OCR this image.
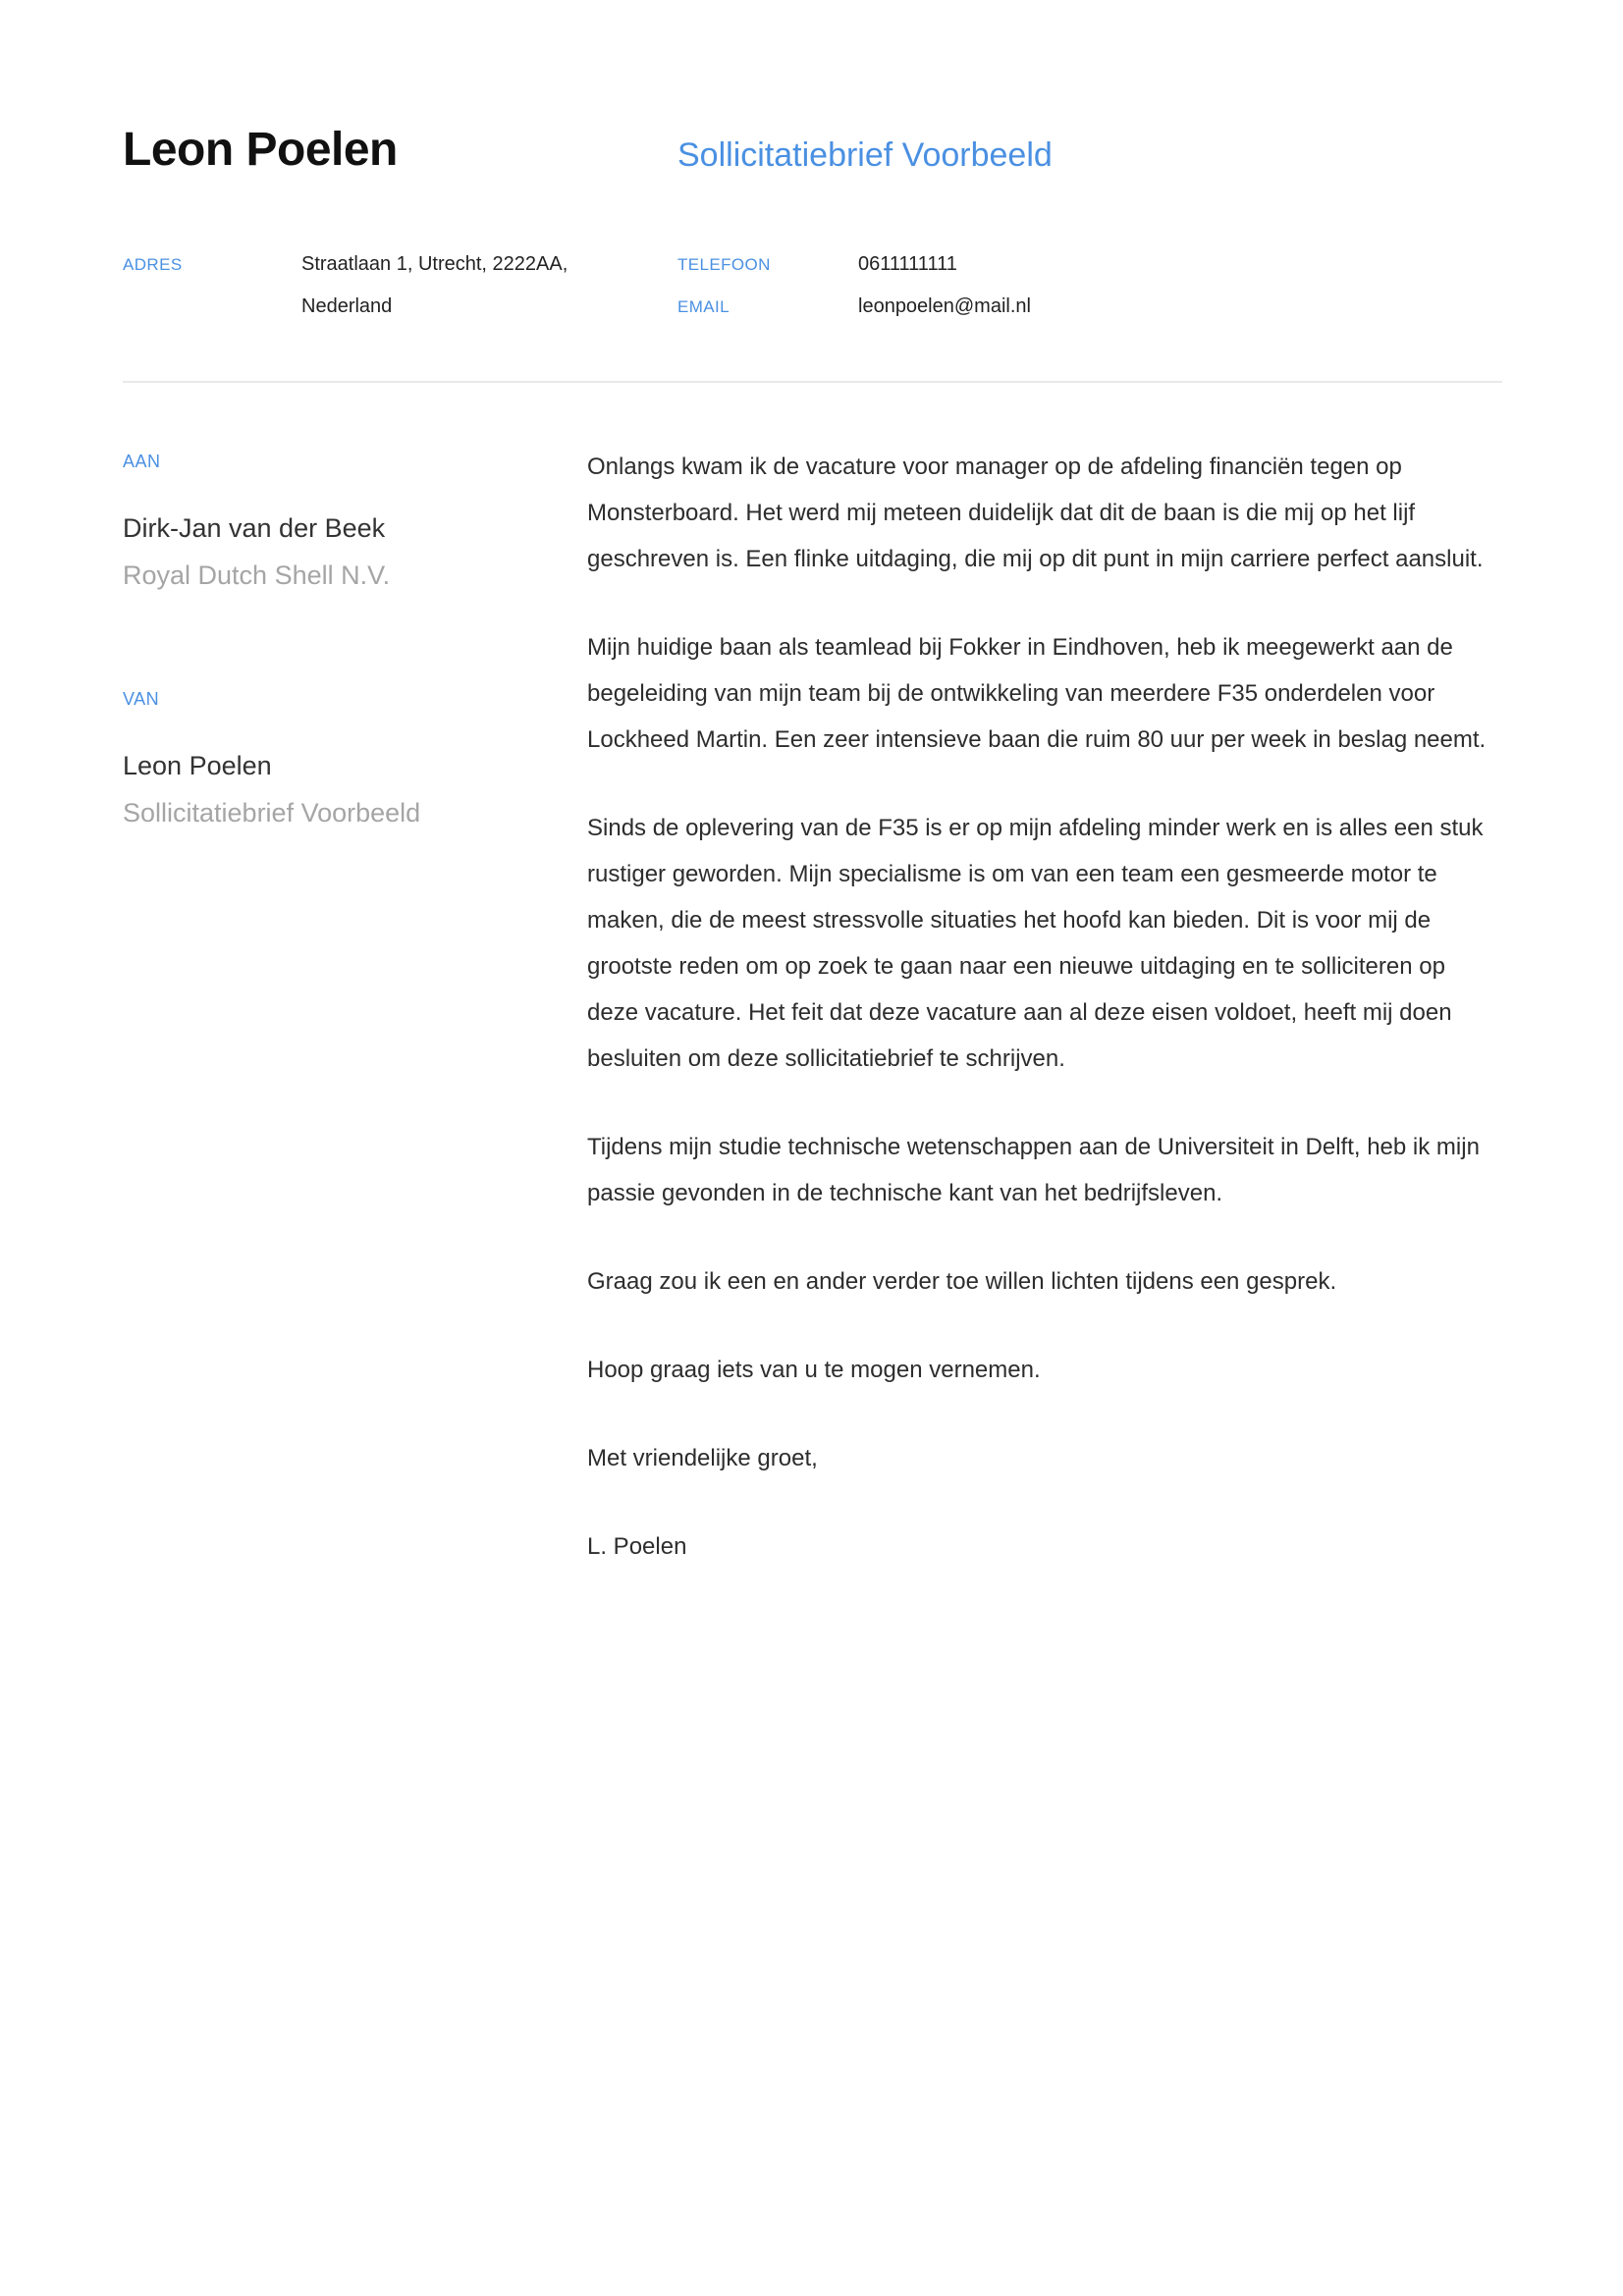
Leon Poelen	Sollicitatiebrief Voorbeeld
ADRES	Straatlaan 1, Utrecht, 2222AA,
Nederland
TELEFOON	0611111111
EMAIL	leonpoelen@mail.nl
AAN
Dirk-Jan van der Beek
Royal Dutch Shell N.V.
VAN
Leon Poelen
Sollicitatiebrief Voorbeeld

Onlangs kwam ik de vacature voor manager op de afdeling financiën tegen op Monsterboard. Het werd mij meteen duidelijk dat dit de baan is die mij op het lijf geschreven is. Een flinke uitdaging, die mij op dit punt in mijn carriere perfect aansluit.

Mijn huidige baan als teamlead bij Fokker in Eindhoven, heb ik meegewerkt aan de begeleiding van mijn team bij de ontwikkeling van meerdere F35 onderdelen voor Lockheed Martin. Een zeer intensieve baan die ruim 80 uur per week in beslag neemt.

Sinds de oplevering van de F35 is er op mijn afdeling minder werk en is alles een stuk rustiger geworden. Mijn specialisme is om van een team een gesmeerde motor te maken, die de meest stressvolle situaties het hoofd kan bieden. Dit is voor mij de grootste reden om op zoek te gaan naar een nieuwe uitdaging en te solliciteren op deze vacature. Het feit dat deze vacature aan al deze eisen voldoet, heeft mij doen besluiten om deze sollicitatiebrief te schrijven.

Tijdens mijn studie technische wetenschappen aan de Universiteit in Delft, heb ik mijn passie gevonden in de technische kant van het bedrijfsleven.

Graag zou ik een en ander verder toe willen lichten tijdens een gesprek.

Hoop graag iets van u te mogen vernemen.

Met vriendelijke groet,

L. Poelen
